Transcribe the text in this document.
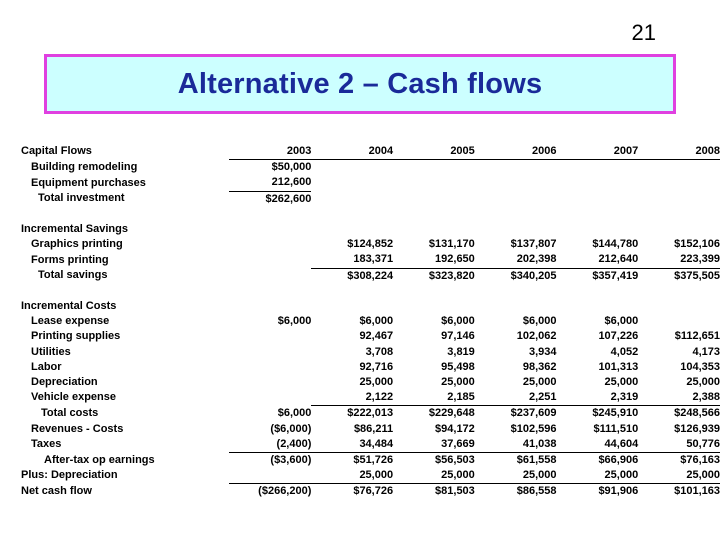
21
Alternative 2 – Cash flows
Capital Flows	2003	2004	2005	2006	2007	2008
Building remodeling	$50,000					
Equipment purchases	212,600					
Total investment	$262,600					

Incremental Savings						
Graphics printing		$124,852	$131,170	$137,807	$144,780	$152,106
Forms printing		183,371	192,650	202,398	212,640	223,399
Total savings		$308,224	$323,820	$340,205	$357,419	$375,505

Incremental Costs						
Lease expense	$6,000	$6,000	$6,000	$6,000	$6,000	
Printing supplies		92,467	97,146	102,062	107,226	$112,651
Utilities		3,708	3,819	3,934	4,052	4,173
Labor		92,716	95,498	98,362	101,313	104,353
Depreciation		25,000	25,000	25,000	25,000	25,000
Vehicle expense		2,122	2,185	2,251	2,319	2,388
Total costs	$6,000	$222,013	$229,648	$237,609	$245,910	$248,566
Revenues - Costs	($6,000)	$86,211	$94,172	$102,596	$111,510	$126,939
Taxes	(2,400)	34,484	37,669	41,038	44,604	50,776
After-tax op earnings	($3,600)	$51,726	$56,503	$61,558	$66,906	$76,163
Plus: Depreciation		25,000	25,000	25,000	25,000	25,000
Net cash flow	($266,200)	$76,726	$81,503	$86,558	$91,906	$101,163
